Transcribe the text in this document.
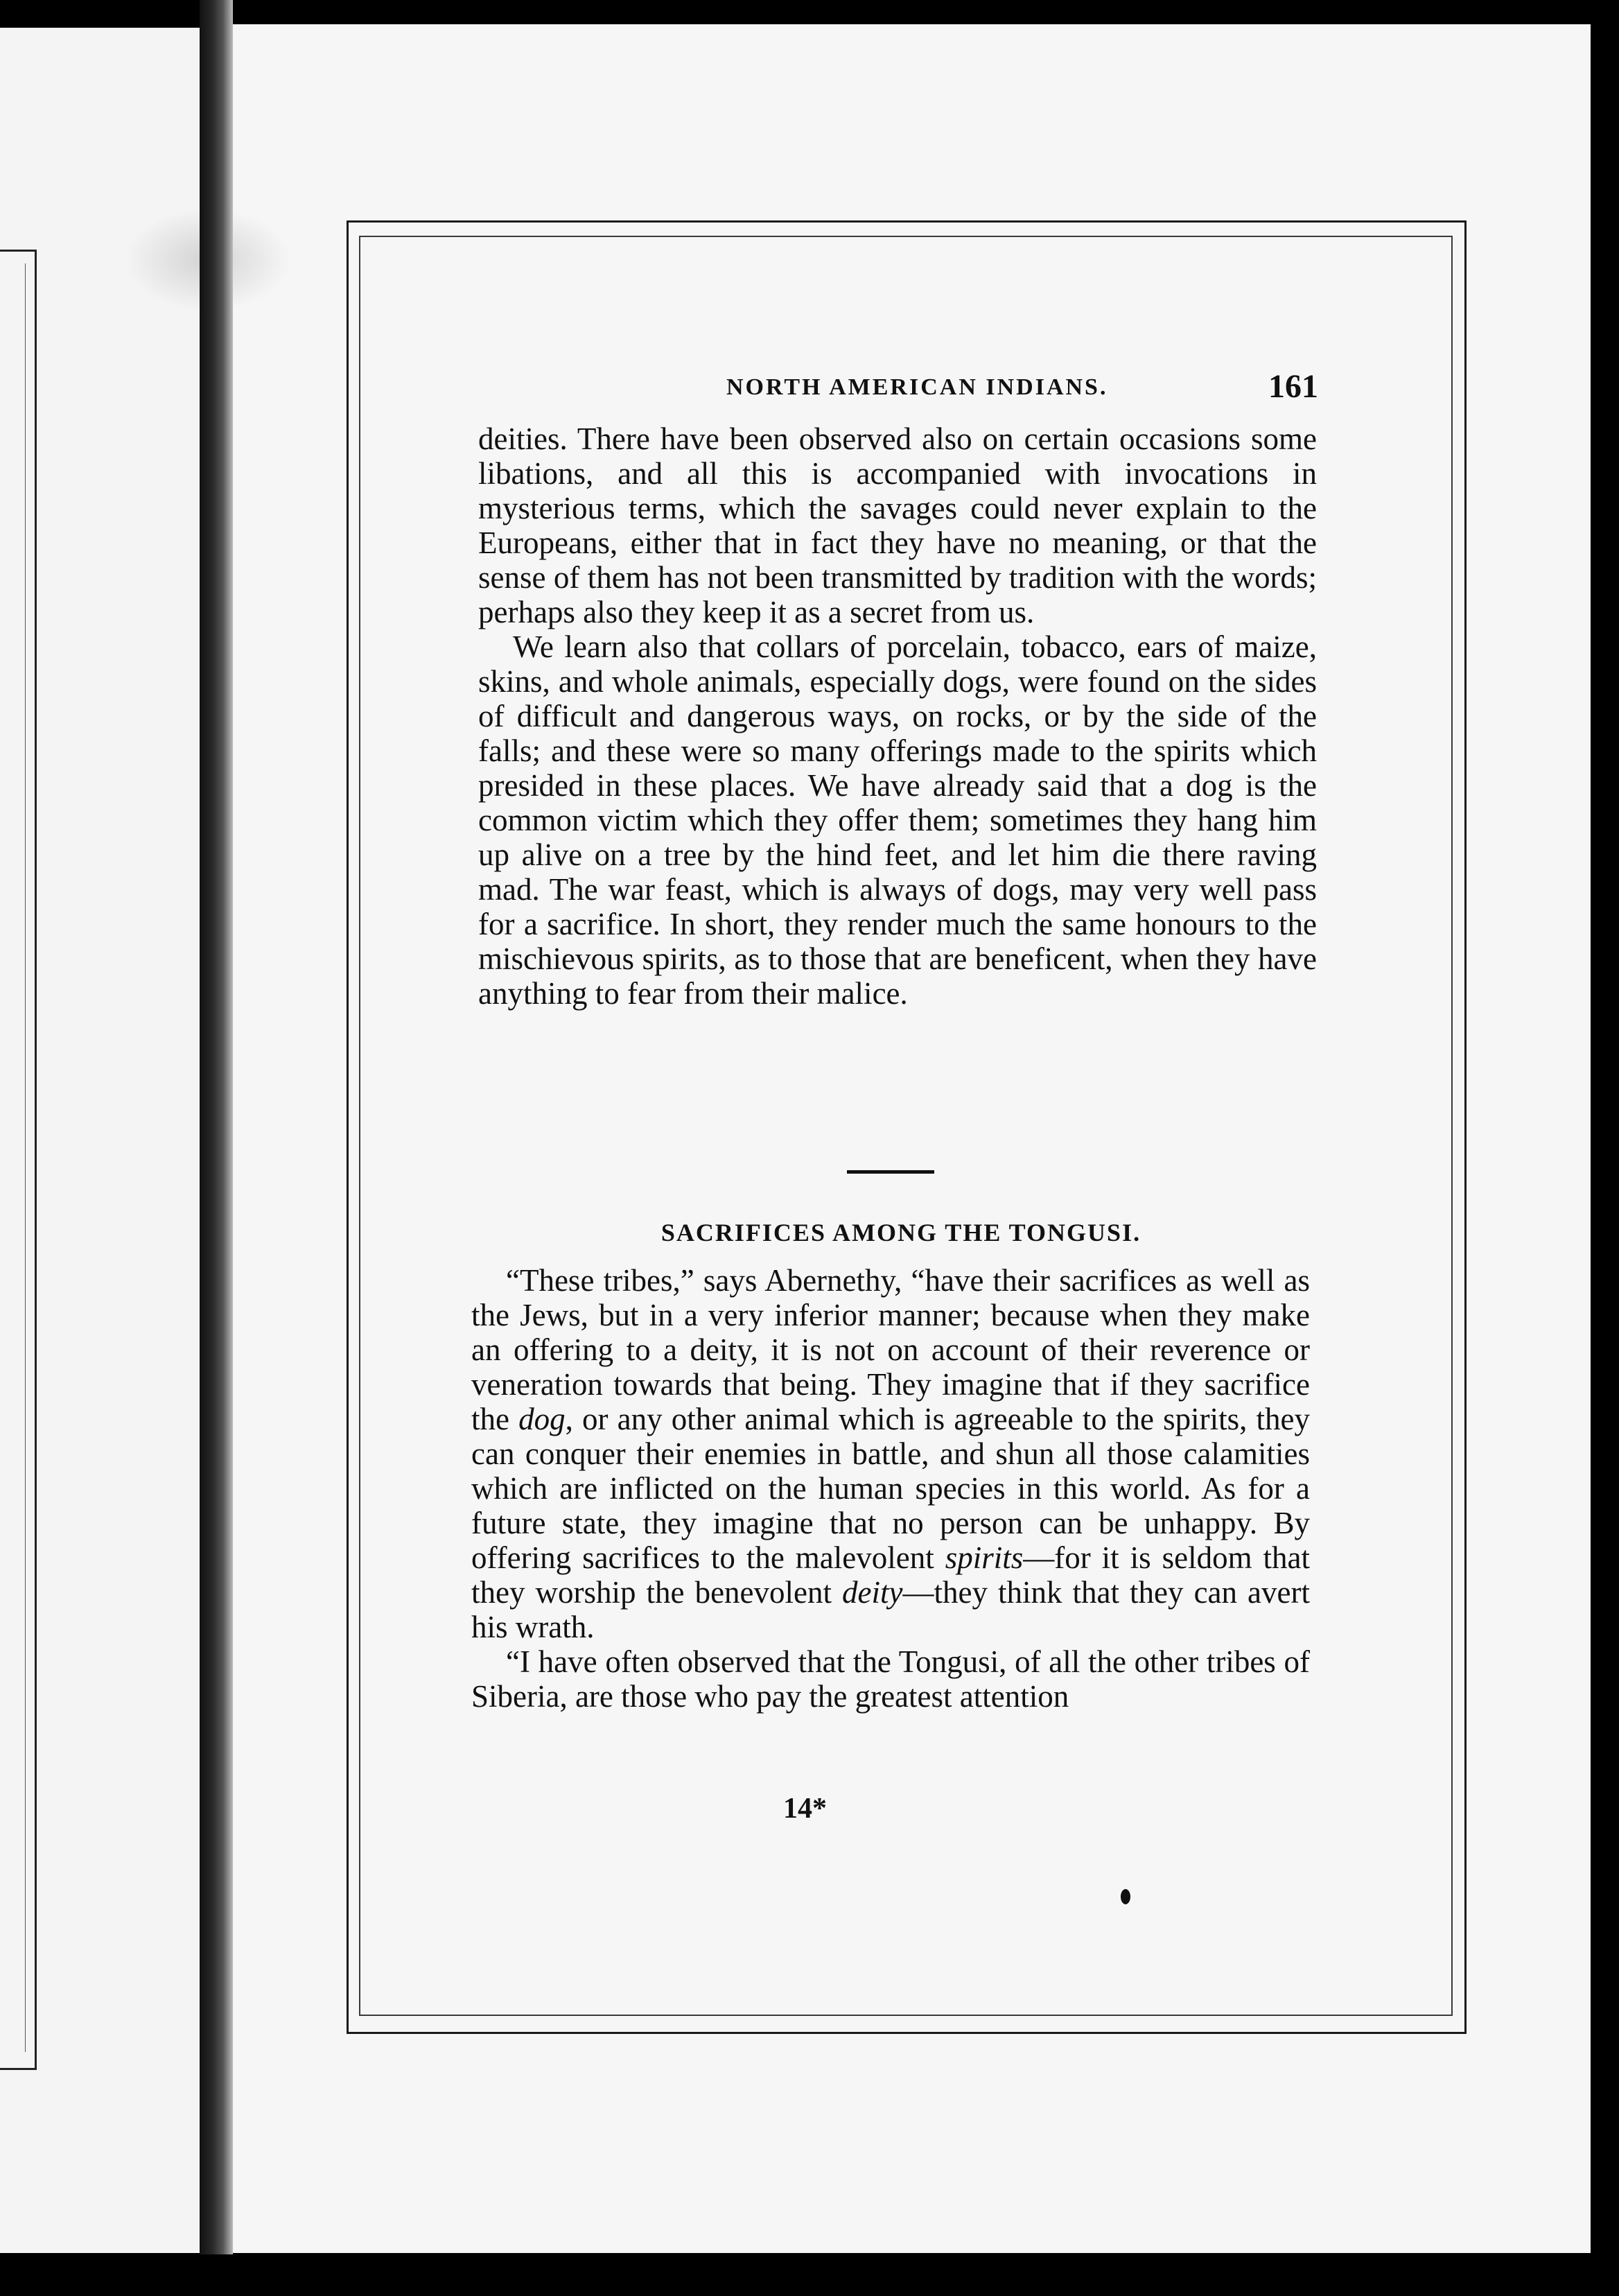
NORTH AMERICAN INDIANS.	161

deities. There have been observed also on certain occasions some libations, and all this is accompanied with invocations in mysterious terms, which the savages could never explain to the Europeans, either that in fact they have no meaning, or that the sense of them has not been transmitted by tradition with the words; perhaps also they keep it as a secret from us.

We learn also that collars of porcelain, tobacco, ears of maize, skins, and whole animals, especially dogs, were found on the sides of difficult and dangerous ways, on rocks, or by the side of the falls; and these were so many offerings made to the spirits which presided in these places. We have already said that a dog is the common victim which they offer them; sometimes they hang him up alive on a tree by the hind feet, and let him die there raving mad. The war feast, which is always of dogs, may very well pass for a sacrifice. In short, they render much the same honours to the mischievous spirits, as to those that are beneficent, when they have anything to fear from their malice.

SACRIFICES AMONG THE TONGUSI.

“These tribes,” says Abernethy, “have their sacrifices as well as the Jews, but in a very inferior manner; because when they make an offering to a deity, it is not on account of their reverence or veneration towards that being. They imagine that if they sacrifice the dog, or any other animal which is agreeable to the spirits, they can conquer their enemies in battle, and shun all those calamities which are inflicted on the human species in this world. As for a future state, they imagine that no person can be unhappy. By offering sacrifices to the malevolent spirits—for it is seldom that they worship the benevolent deity—they think that they can avert his wrath.

“I have often observed that the Tongusi, of all the other tribes of Siberia, are those who pay the greatest attention

14*
